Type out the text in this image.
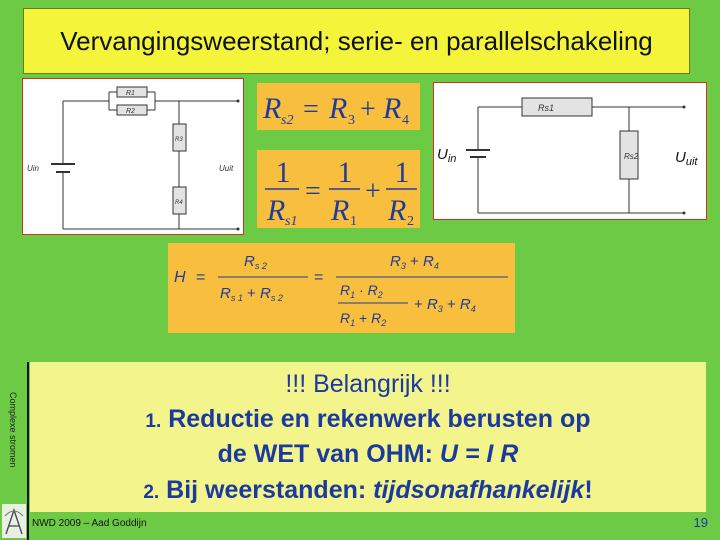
Vervangingsweerstand; serie- en parallelschakeling
R1
R2
R3
R4
Uin	Uuit
R s2 = R 3 + R 4
1
R s1
=
1
R 1
+
1
R 2
Rs1
Rs2
$U_{in}$	$U_{uit}$
H =
$R_{s 2}$
$R_{s 1} + R_{s 2}$
=
$R_3 + R_4$
$R_1 \cdot R_2$
$R_1 + R_2$
+ $R_3 + R_4$
!!! Belangrijk !!!
1. Reductie en rekenwerk berusten op
de WET van OHM: U = I R
2. Bij weerstanden: tijdsonafhankelijk!
Complexe stromen
NWD 2009 – Aad Goddijn	19
